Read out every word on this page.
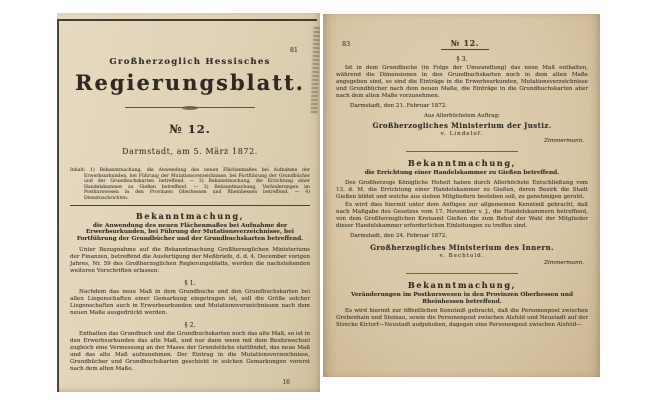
81
Großherzoglich Hessisches
Regierungsblatt.
№ 12.
Darmstadt, am 5. März 1872.
Inhalt: 1) Bekanntmachung, die Anwendung des neuen Flächenmaßes bei Aufnahme der Erwerbsurkunden, bei Führung der Mutationsverzeichnisse, bei Fortführung der Grundbücher und der Grundbuchskarten betreffend. — 2) Bekanntmachung, die Errichtung einer Handelskammer zu Gießen betreffend. — 3) Bekanntmachung, Veränderungen im Postkurswesen in den Provinzen Oberhessen und Rheinhessen betreffend. — 4) Dienstnachrichten.
Bekanntmachung,
die Anwendung des neuen Flächenmaßes bei Aufnahme der Erwerbsurkunden, bei Führung der Mutationsverzeichnisse, bei Fortführung der Grundbücher und der Grundbuchskarten betreffend.

Unter Bezugnahme auf die Bekanntmachung Großherzoglichen Ministeriums der Finanzen, betreffend die Ausfertigung der Meßbriefe, d. d. 4. December vorigen Jahres, Nr. 59 des Großherzoglichen Regierungsblatts, werden die nachstehenden weiteren Vorschriften erlassen:

§ 1.

Nachdem das neue Maß in dem Grundbuche und den Grundbuchskarten bei allen Liegenschaften einer Gemarkung eingetragen ist, soll die Größe solcher Liegenschaften auch in Erwerbsurkunden und Mutationsverzeichnissen nach dem neuen Maße ausgedrückt werden.

§ 2.

Enthalten das Grundbuch und die Grundbuchskarten noch das alte Maß, so ist in den Erwerbsurkunden das alte Maß, und nur dann wenn mit dem Besitzwechsel zugleich eine Vermessung an der Masse der Grundstücke stattfindet, das neue Maß und das alte Maß aufzunehmen. Der Eintrag in die Mutationsverzeichnisse, Grundbücher und Grundbuchskarten geschieht in solchen Gemarkungen vorerst nach dem alten Maße.

16
83	№ 12.
§ 3.

Ist in dem Grundbuche (in Folge der Umwandlung) das neue Maß enthalten, während die Dimensionen in den Grundbuchskarten noch in dem alten Maße angegeben sind, so sind die Einträge in die Erwerbsurkunden, Mutationsverzeichnisse und Grundbücher nach dem neuen Maße, die Einträge in die Grundbuchskarten aber nach dem alten Maße vorzunehmen.

Darmstadt, den 21. Februar 1872.
Aus Allerhöchstem Auftrag:
Großherzogliches Ministerium der Justiz.
v. Lindelof.
Zimmermann.
Bekanntmachung,
die Errichtung einer Handelskammer zu Gießen betreffend.

Des Großherzogs Königliche Hoheit haben durch Allerhöchste Entschließung vom 13. d. M. die Errichtung einer Handelskammer zu Gießen, deren Bezirk die Stadt Gießen bildet und welche aus sieben Mitgliedern bestehen soll, zu genehmigen geruht.

Es wird dies hiermit unter dem Anfügen zur allgemeinen Kenntniß gebracht, daß nach Maßgabe des Gesetzes vom 17. November v. J., die Handelskammern betreffend, von dem Großherzoglichen Kreisamt Gießen die zum Behuf der Wahl der Mitglieder dieser Handelskammer erforderlichen Einleitungen zu treffen sind.

Darmstadt, den 24. Februar 1872.
Großherzogliches Ministerium des Innern.
v. Bechtold.
Zimmermann.
Bekanntmachung,
Veränderungen im Postkurswesen in den Provinzen Oberhessen und Rheinhessen betreffend.

Es wird hiermit zur öffentlichen Kenntniß gebracht, daß die Personenpost zwischen Grebenhain und Steinau, sowie die Personenpost zwischen Alsfeld und Neustadt auf der Strecke Kirtorf—Neustadt aufgehoben, dagegen eine Personenpost zwischen Alsfeld—
